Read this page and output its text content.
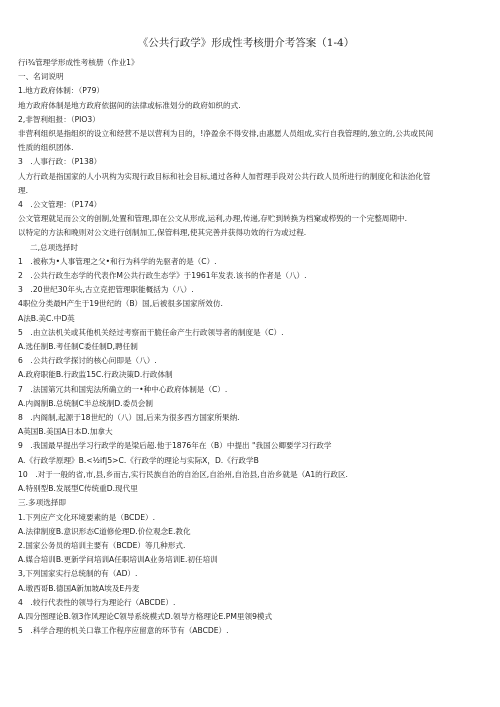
《公共行政学》形成性考核册介考答案（1-4）
行i¾管理学形成性考核册（作业1》
一、名词说明
1.地方政府体制：（P79）
地方政府体制是地方政府依据间的法律或标准划分的政府如织的式.
2,非智利组报：（PIO3）
非营利组织是指组织的设立和经营不是以营利为目的，!净盈余不得安排,由惠愿人员组成,实行自我管理的,独立的,公共或民间
性质的组织团体.
3　.人事行政：（P138）
人方行政是指国家的人小巩构为实现行政目标和社会目标,通过各种人加哲理手段对公共行政人员所进行的制度化和法治化管
理.
4　.公文管理：（P174）
公文管理就足而公文的创制,处置和管理,即在公文从形成,运利,办理,传递,存贮到转换为档窠或栉毁的一个完整周期中.
以特定的方法和晚则对公文进行创制加工,保管料理,使其完善并获得功效的行为或过程.
二,总项选择时
1　.被称为•人事管理之父•和行为科学的先驱者的是（C）.
2　.公共行政生态学的代表作M公共行政生态学》于1961年发表.该书的作者是（八）.
3　.20世纪30年头,古立克把管理职能概括为（八）.
4职位分类最H产生于19世纪的（B）国,后被很多国家所效仿.
A法B.美C.中D英
5　.由立法机关或其他机关经过考察而干脆任命产生行政领导者的制度是（C）.
A.选任制B.考任制C委任制D,聘任制
6　.公共行政学探讨的核心问即是（八）.
A.政府职能B.行政监15C.行政决策D.行政体制
7　.法国第冗共和国宪法所确立的一•种中心政府体制是（C）.
A.内阁制B.总统制C半总统制D.委员会制
8　.内阁制,起源于18世纪的（八）国,后来为很多西方国家所果纳.
A英国B.美国A日本D.加拿大
9　.我国最早提出学习行政学的是梁后超.他于1876年在（B）中提出 "我国公卿要学习行政学
A.《行政学原理》B.<½if|5>C.《行政学的理论与实际X，D.《行政学B
10　.对于一般的省,市,县,乡而古,实行民族自治的自治区,自治州,自治县,自治乡就是（A1的行政区.
A.特别型B.发展型C传统重D.现代里
三.多项选择即
1.下列应产文化环境要素的是（BCDE）.
A.法律制度B.意识形态C道修伦理D.价位观念E.教化
2.国家公务员的培训主要有（BCDE）等几种形式.
A.媒合培训B.更新学问培训A任职培训A业务培训E.初任培训
3,下列国家实行总统制的有（AD）.
A.墩西哥B.德国A新加坡A埃及E丹麦
4　.较行代表性的领导行为理论行（ABCDE）.
A.四分图理论B.领3作风理论C领导系统模式D.领导方格理论E.PM里领9模式
5　.科学合理的机关口靠工作程序应留意的环节有（ABCDE）.
